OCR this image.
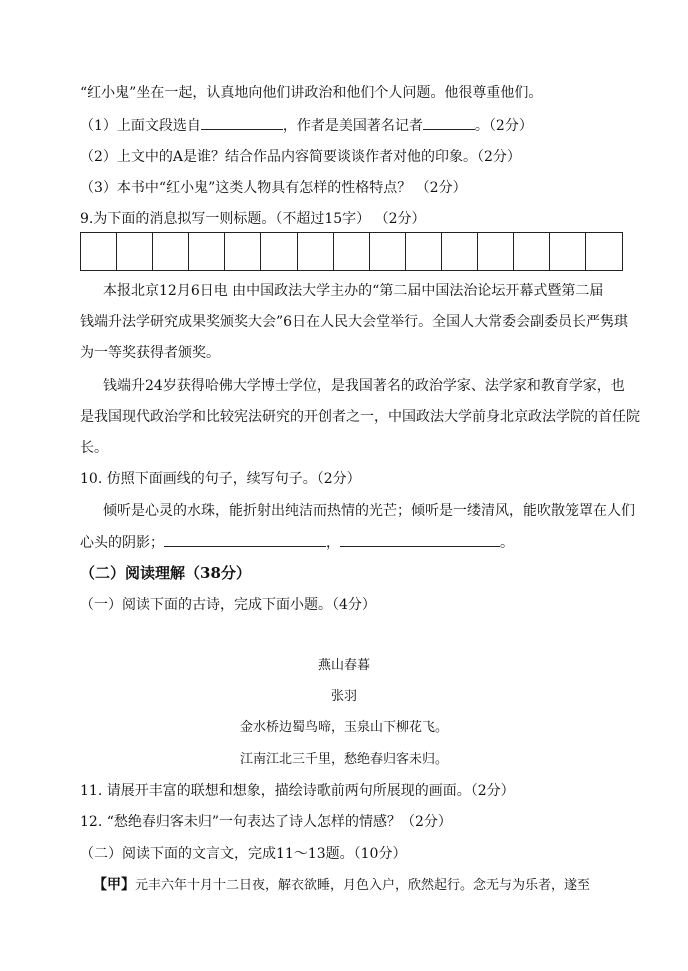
“红小鬼”坐在一起，认真地向他们讲政治和他们个人问题。他很尊重他们。
（1）上面文段选自	，作者是美国著名记者	。（2分）
（2）上文中的A是谁？结合作品内容简要谈谈作者对他的印象。（2分）
（3）本书中“红小鬼”这类人物具有怎样的性格特点？ （2分）
9.为下面的消息拟写一则标题。（不超过15字） （2分）
本报北京12月6日电 由中国政法大学主办的“第二届中国法治论坛开幕式暨第二届
钱端升法学研究成果奖颁奖大会”6日在人民大会堂举行。全国人大常委会副委员长严隽琪
为一等奖获得者颁奖。
钱端升24岁获得哈佛大学博士学位，是我国著名的政治学家、法学家和教育学家，也
是我国现代政治学和比较宪法研究的开创者之一，中国政法大学前身北京政法学院的首任院
长。
10. 仿照下面画线的句子，续写句子。（2分）
倾听是心灵的水珠，能折射出纯洁而热情的光芒；倾听是一缕清风，能吹散笼罩在人们
心头的阴影；	，	。
（二）阅读理解（38分）
（一）阅读下面的古诗，完成下面小题。（4分）
燕山春暮
张羽
金水桥边蜀鸟啼，玉泉山下柳花飞。
江南江北三千里，愁绝春归客未归。
11. 请展开丰富的联想和想象，描绘诗歌前两句所展现的画面。（2分）
12. “愁绝春归客未归”一句表达了诗人怎样的情感？（2分）
（二）阅读下面的文言文，完成11～13题。（10分）
【甲】元丰六年十月十二日夜，解衣欲睡，月色入户，欣然起行。念无与为乐者，遂至
